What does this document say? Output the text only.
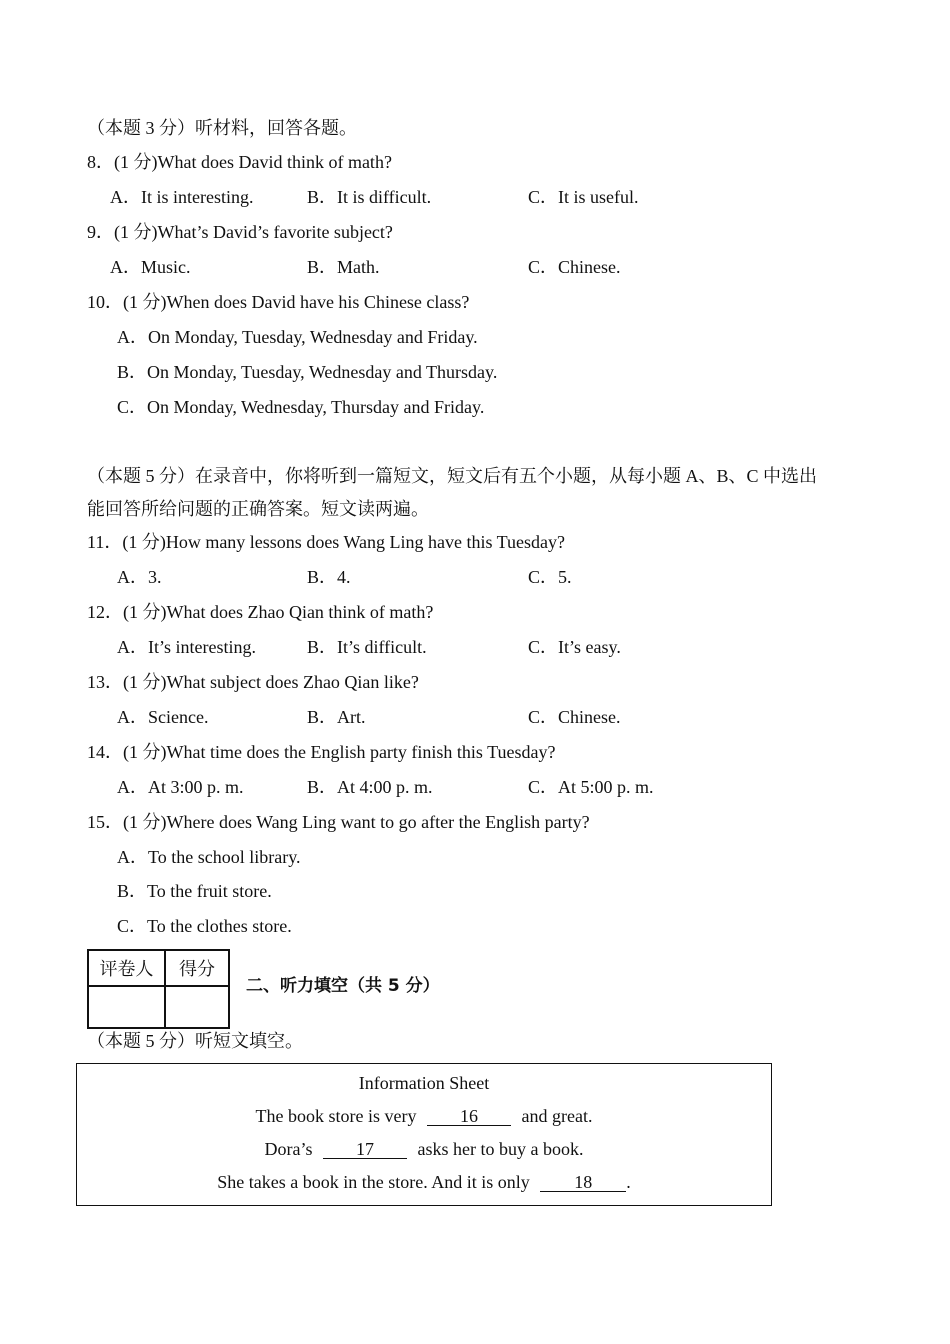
（本题 3 分）听材料，回答各题。
8．(1 分)What does David think of math?
A．It is interesting.	B．It is difficult.	C．It is useful.
9．(1 分)What’s David’s favorite subject?
A．Music.	B．Math.	C．Chinese.
10．(1 分)When does David have his Chinese class?
A．On Monday, Tuesday, Wednesday and Friday.
B．On Monday, Tuesday, Wednesday and Thursday.
C．On Monday, Wednesday, Thursday and Friday.
（本题 5 分）在录音中，你将听到一篇短文，短文后有五个小题，从每小题 A、B、C 中选出
能回答所给问题的正确答案。短文读两遍。
11．(1 分)How many lessons does Wang Ling have this Tuesday?
A．3.	B．4.	C．5.
12．(1 分)What does Zhao Qian think of math?
A．It’s interesting.	B．It’s difficult.	C．It’s easy.
13．(1 分)What subject does Zhao Qian like?
A．Science.	B．Art.	C．Chinese.
14．(1 分)What time does the English party finish this Tuesday?
A．At 3:00 p. m.	B．At 4:00 p. m.	C．At 5:00 p. m.
15．(1 分)Where does Wang Ling want to go after the English party?
A．To the school library.
B．To the fruit store.
C．To the clothes store.
评卷人	得分

二、听力填空（共 5 分）
（本题 5 分）听短文填空。
Information Sheet
The book store is very 16 and great.
Dora’s 17 asks her to buy a book.
She takes a book in the store. And it is only 18 .
